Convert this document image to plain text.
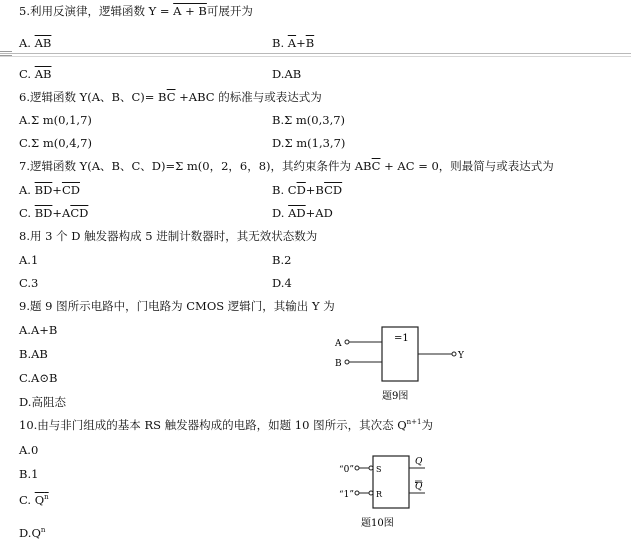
5.利用反演律，逻辑函数 Y = A + B可展开为
A. $\overline{AB}$	B. $\overline{A}+\overline{B}$
C. $\overline{AB}$	D.AB
6.逻辑函数 Y(A、B、$C)= B\overline{C} +ABC$ 的标准与或表达式为
A.Σ m(0,1,7)	B.Σ m(0,3,7)
C.Σ m(0,4,7)	D.Σ m(1,3,7)
7.逻辑函数 Y(A、B、C、D)=Σ m(0，2，6，8)，其约束条件为 $AB\overline{C}$ + AC = 0，则最简与或表达式为
A. $\overline{BD}+\overline{CD}$	B. $C\overline{D}+B\overline{CD}$
C. $\overline{BD}+A\overline{CD}$	D. $\overline{AD}+AD$
8.用 3 个 D 触发器构成 5 进制计数器时，其无效状态数为
A.1	B.2
C.3	D.4
9.题 9 图所示电路中，门电路为 CMOS 逻辑门，其输出 Y 为
A.A+B
B.AB
C.A⊙B
D.高阻态
=1
A
B
Y
题9图
10.由与非门组成的基本 RS 触发器构成的电路，如题 10 图所示，其次态 $Q^{n+1}$为
A.0
B.1
C. $Q^n$
$D.Q^n$
“0”
“1”
S
R
Q
Q
题10图
